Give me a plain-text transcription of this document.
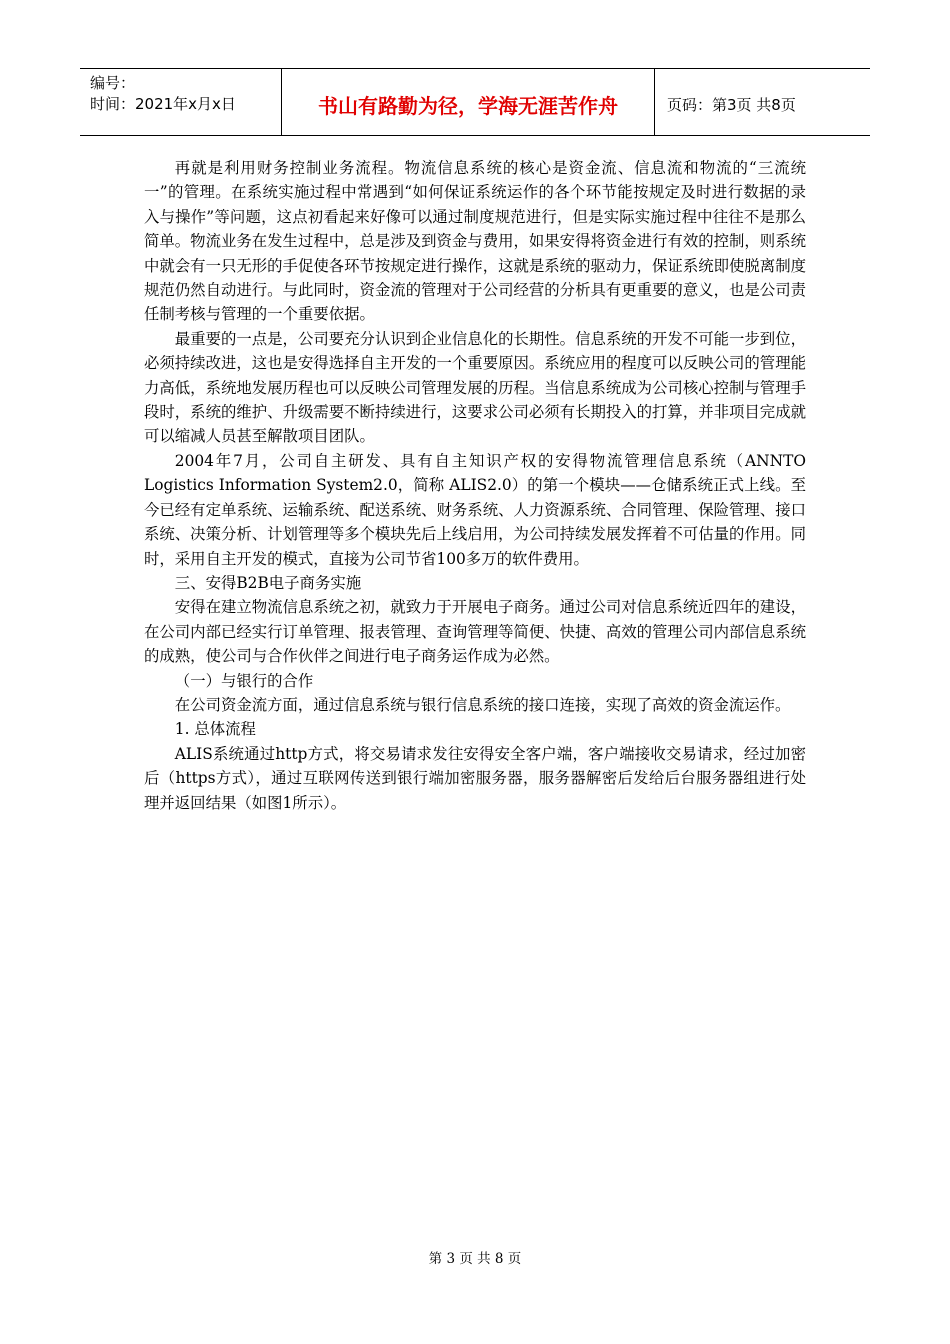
编号：
时间：2021年x月x日	书山有路勤为径，学海无涯苦作舟	页码：第3页 共8页

再就是利用财务控制业务流程。物流信息系统的核心是资金流、信息流和物流的“三流统一”的管理。在系统实施过程中常遇到“如何保证系统运作的各个环节能按规定及时进行数据的录入与操作”等问题，这点初看起来好像可以通过制度规范进行，但是实际实施过程中往往不是那么简单。物流业务在发生过程中，总是涉及到资金与费用，如果安得将资金进行有效的控制，则系统中就会有一只无形的手促使各环节按规定进行操作，这就是系统的驱动力，保证系统即使脱离制度规范仍然自动进行。与此同时，资金流的管理对于公司经营的分析具有更重要的意义，也是公司责任制考核与管理的一个重要依据。

最重要的一点是，公司要充分认识到企业信息化的长期性。信息系统的开发不可能一步到位，必须持续改进，这也是安得选择自主开发的一个重要原因。系统应用的程度可以反映公司的管理能力高低，系统地发展历程也可以反映公司管理发展的历程。当信息系统成为公司核心控制与管理手段时，系统的维护、升级需要不断持续进行，这要求公司必须有长期投入的打算，并非项目完成就可以缩减人员甚至解散项目团队。

2004年7月，公司自主研发、具有自主知识产权的安得物流管理信息系统（ANNTO Logistics Information System2.0，简称 ALIS2.0）的第一个模块——仓储系统正式上线。至今已经有定单系统、运输系统、配送系统、财务系统、人力资源系统、合同管理、保险管理、接口系统、决策分析、计划管理等多个模块先后上线启用，为公司持续发展发挥着不可估量的作用。同时，采用自主开发的模式，直接为公司节省100多万的软件费用。

三、安得B2B电子商务实施

安得在建立物流信息系统之初，就致力于开展电子商务。通过公司对信息系统近四年的建设，在公司内部已经实行订单管理、报表管理、查询管理等简便、快捷、高效的管理公司内部信息系统的成熟，使公司与合作伙伴之间进行电子商务运作成为必然。

（一）与银行的合作

在公司资金流方面，通过信息系统与银行信息系统的接口连接，实现了高效的资金流运作。

1. 总体流程

ALIS系统通过http方式，将交易请求发往安得安全客户端，客户端接收交易请求，经过加密后（https方式），通过互联网传送到银行端加密服务器，服务器解密后发给后台服务器组进行处理并返回结果（如图1所示）。

第 3 页 共 8 页
